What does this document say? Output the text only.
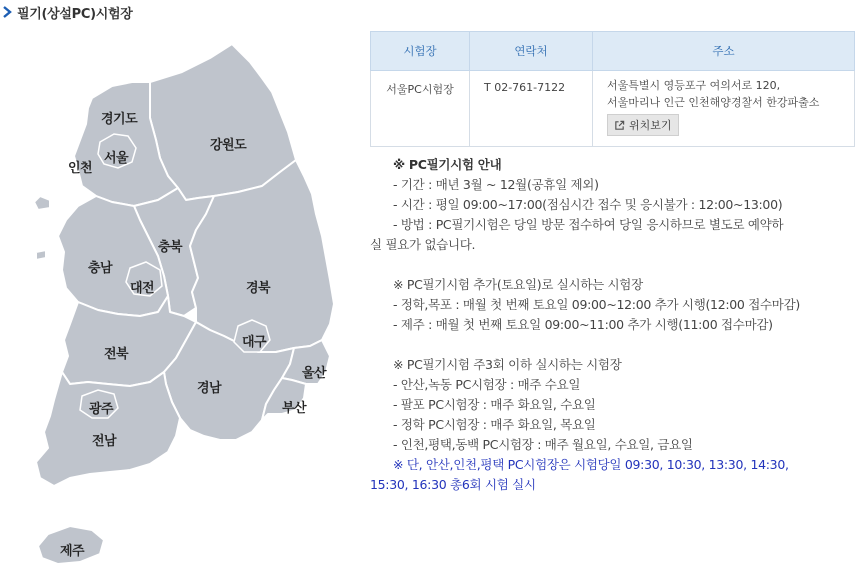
경기도
서울
인천
강원도
충북
충남
대전	경북
대구
전북
울산
경남
부산
광주
전남
제주
필기(상설PC)시험장
시험장	연락처	주소
서울PC시험장	T 02-761-7122	서울특별시 영등포구 여의서로 120,
서울마리나 인근 인천해양경찰서 한강파출소
위치보기
※ PC필기시험 안내
- 기간 : 매년 3월 ~ 12월(공휴일 제외)
- 시간 : 평일 09:00~17:00(점심시간 접수 및 응시불가 : 12:00~13:00)
- 방법 : PC필기시험은 당일 방문 접수하여 당일 응시하므로 별도로 예약하
실 필요가 없습니다.
※ PC필기시험 추가(토요일)로 실시하는 시험장
- 정학,목포 : 매월 첫 번째 토요일 09:00~12:00 추가 시행(12:00 접수마감)
- 제주 : 매월 첫 번째 토요일 09:00~11:00 추가 시행(11:00 접수마감)
※ PC필기시험 주3회 이하 실시하는 시험장
- 안산,녹동 PC시험장 : 매주 수요일
- 팔포 PC시험장 : 매주 화요일, 수요일
- 정학 PC시험장 : 매주 화요일, 목요일
- 인천,평택,동백 PC시험장 : 매주 월요일, 수요일, 금요일
※ 단, 안산,인천,평택 PC시험장은 시험당일 09:30, 10:30, 13:30, 14:30,
15:30, 16:30 총6회 시험 실시
